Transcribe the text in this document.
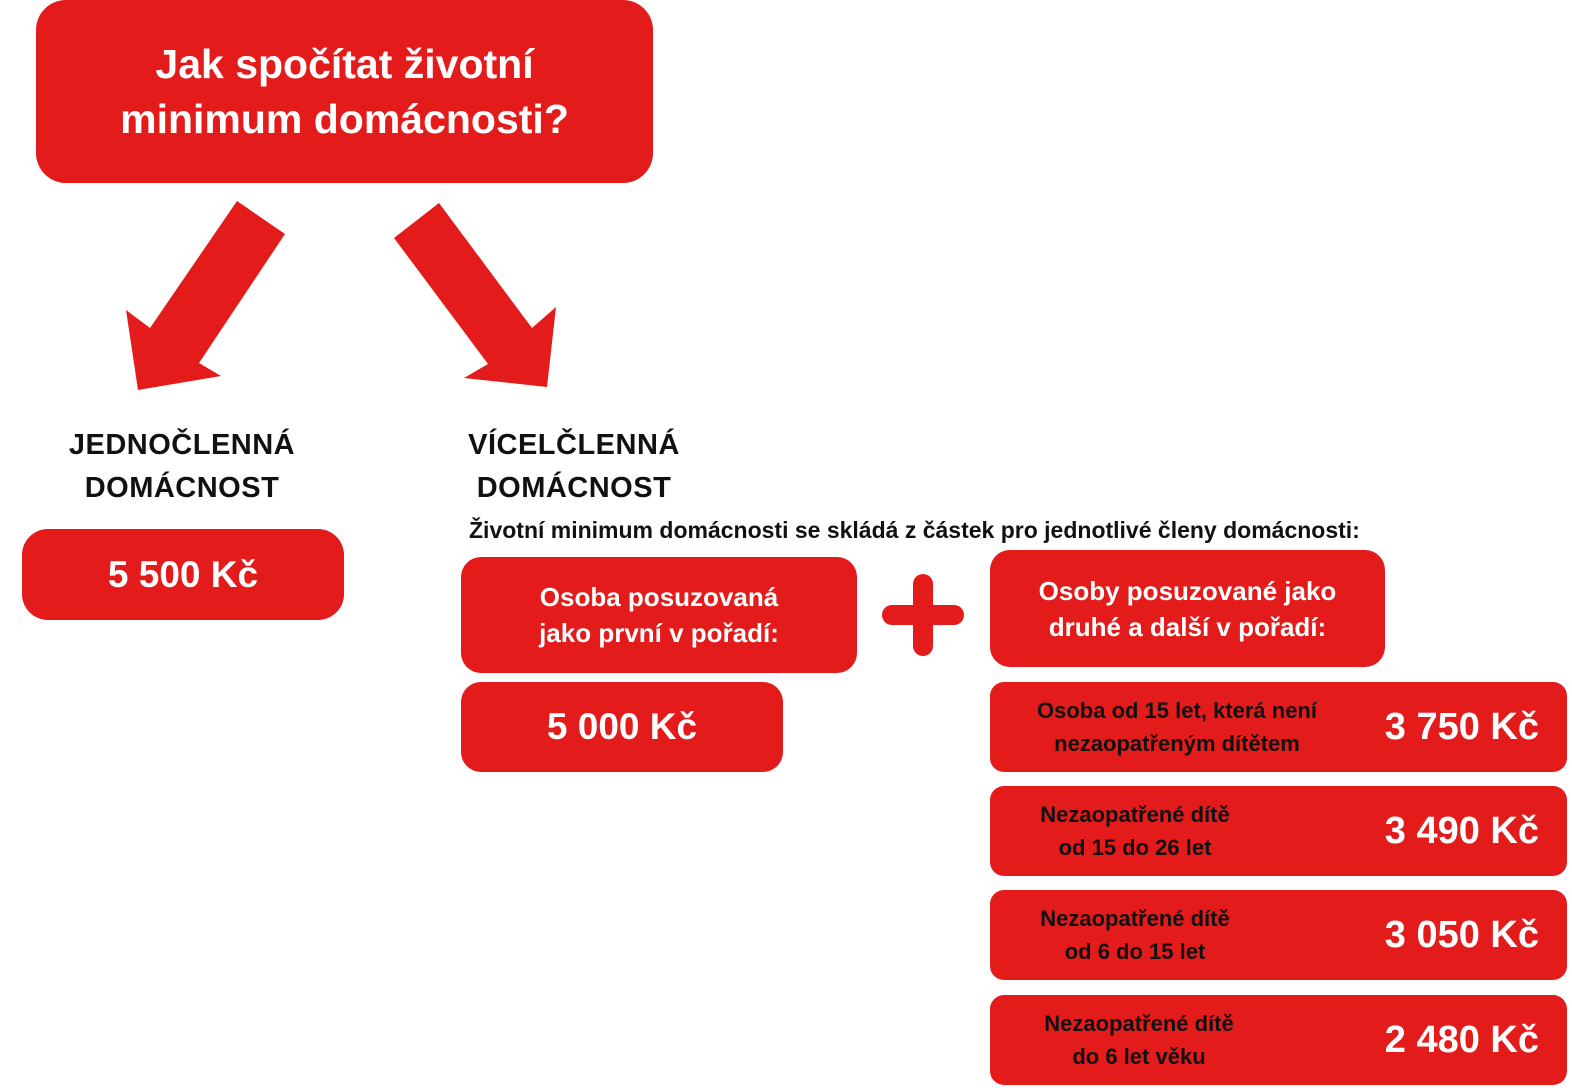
Jak spočítat životní minimum domácnosti?
JEDNOČLENNÁ
DOMÁCNOST
5 500 Kč
VÍCELČLENNÁ
DOMÁCNOST
Životní minimum domácnosti se skládá z částek pro jednotlivé členy domácnosti:
Osoba posuzovaná
jako první v pořadí:
5 000 Kč
Osoby posuzované jako
druhé a další v pořadí:
Osoba od 15 let, která není
nezaopatřeným dítětem	3 750 Kč
Nezaopatřené dítě
od 15 do 26 let	3 490 Kč
Nezaopatřené dítě
od 6 do 15 let	3 050 Kč
Nezaopatřené dítě
do 6 let věku	2 480 Kč
